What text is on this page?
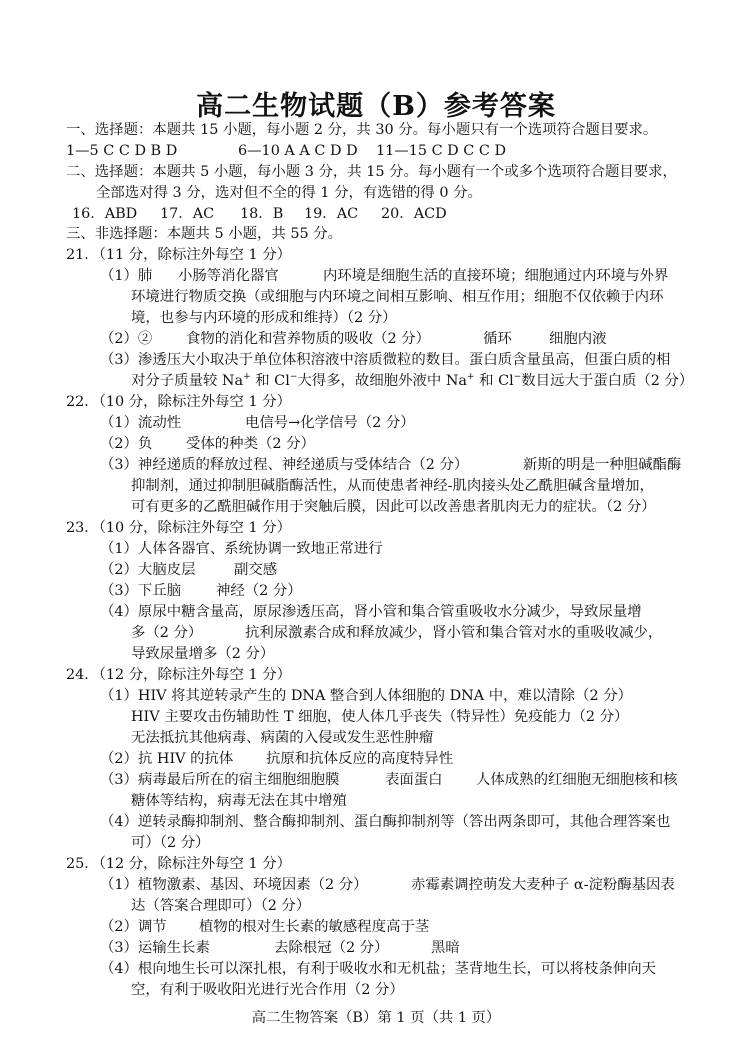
高二生物试题（B）参考答案
一、选择题：本题共 15 小题，每小题 2 分，共 30 分。每小题只有一个选项符合题目要求。
1—5 C C D B D	6—10 A A C D D 11—15 C D C C D
二、选择题：本题共 5 小题，每小题 3 分，共 15 分。每小题有一个或多个选项符合题目要求，
全部选对得 3 分，选对但不全的得 1 分，有选错的得 0 分。
16．ABD 17．AC 18．B 19．AC 20．ACD
三、非选择题：本题共 5 小题，共 55 分。
21．（11 分，除标注外每空 1 分）
（1）肺 小肠等消化器官	内环境是细胞生活的直接环境；细胞通过内环境与外界
环境进行物质交换（或细胞与内环境之间相互影响、相互作用；细胞不仅依赖于内环
境，也参与内环境的形成和维持）（2 分）
（2）② 食物的消化和营养物质的吸收（2 分）	循环	细胞内液
（3）渗透压大小取决于单位体积溶液中溶质微粒的数目。蛋白质含量虽高，但蛋白质的相
对分子质量较 Na+ 和 Cl−大得多，故细胞外液中 Na+ 和 Cl−数目远大于蛋白质（2 分）
22．（10 分，除标注外每空 1 分）
（1）流动性	电信号→化学信号（2 分）
（2）负 受体的种类（2 分）
（3）神经递质的释放过程、神经递质与受体结合（2 分）	新斯的明是一种胆碱酯酶
抑制剂，通过抑制胆碱脂酶活性，从而使患者神经-肌肉接头处乙酰胆碱含量增加，
可有更多的乙酰胆碱作用于突触后膜，因此可以改善患者肌肉无力的症状。（2 分）
23．（10 分，除标注外每空 1 分）
（1）人体各器官、系统协调一致地正常进行
（2）大脑皮层	副交感
（3）下丘脑 神经（2 分）
（4）原尿中糖含量高，原尿渗透压高，肾小管和集合管重吸收水分减少，导致尿量增
多（2 分）	抗利尿激素合成和释放减少，肾小管和集合管对水的重吸收减少，
导致尿量增多（2 分）
24．（12 分，除标注外每空 1 分）
（1）HIV 将其逆转录产生的 DNA 整合到人体细胞的 DNA 中，难以清除（2 分）
HIV 主要攻击伤辅助性 T 细胞，使人体几乎丧失（特异性）免疫能力（2 分）
无法抵抗其他病毒、病菌的入侵或发生恶性肿瘤
（2）抗 HIV 的抗体 抗原和抗体反应的高度特异性
（3）病毒最后所在的宿主细胞细胞膜	表面蛋白 人体成熟的红细胞无细胞核和核
糖体等结构，病毒无法在其中增殖
（4）逆转录酶抑制剂、整合酶抑制剂、蛋白酶抑制剂等（答出两条即可，其他合理答案也
可）（2 分）
25．（12 分，除标注外每空 1 分）
（1）植物激素、基因、环境因素（2 分）	赤霉素调控萌发大麦种子 α-淀粉酶基因表
达（答案合理即可）（2 分）
（2）调节 植物的根对生长素的敏感程度高于茎
（3）运输生长素	去除根冠（2 分）	黑暗
（4）根向地生长可以深扎根，有利于吸收水和无机盐；茎背地生长，可以将枝条伸向天
空，有利于吸收阳光进行光合作用（2 分）
高二生物答案（B）第 1 页（共 1 页）
